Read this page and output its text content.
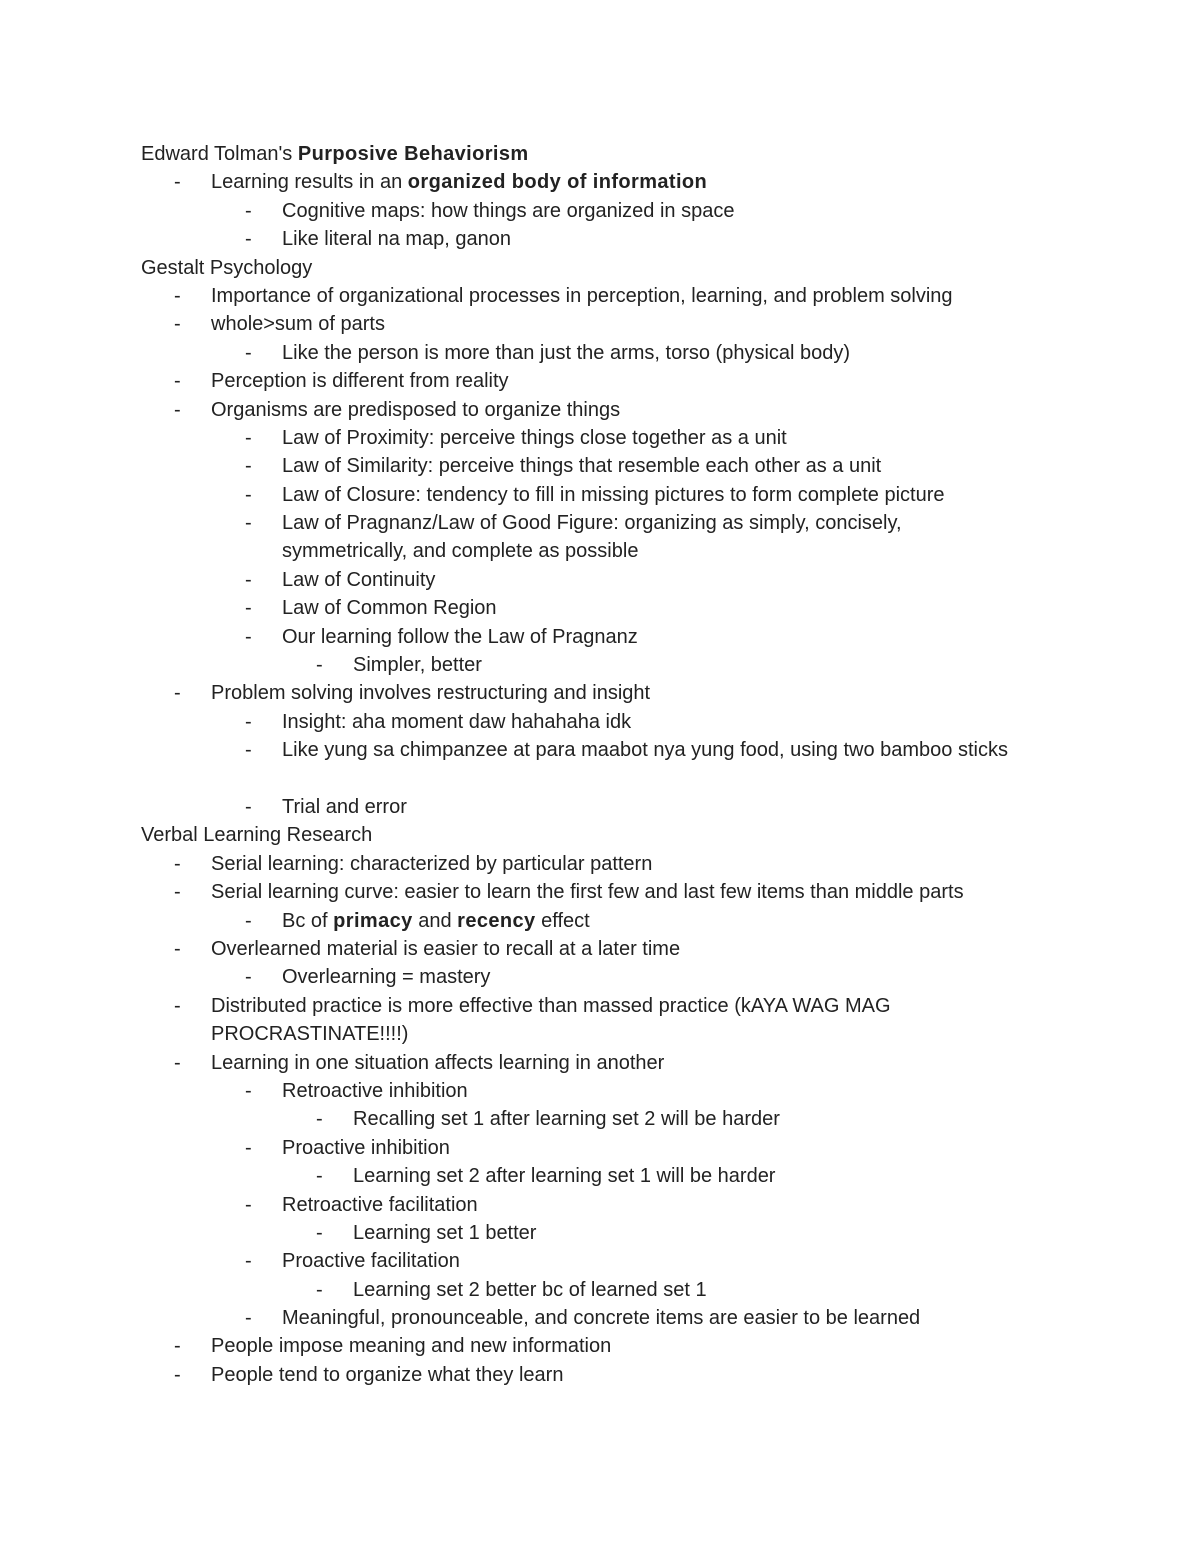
Edward Tolman's Purposive Behaviorism
- Learning results in an organized body of information
- Cognitive maps: how things are organized in space
- Like literal na map, ganon
Gestalt Psychology
- Importance of organizational processes in perception, learning, and problem solving
- whole>sum of parts
- Like the person is more than just the arms, torso (physical body)
- Perception is different from reality
- Organisms are predisposed to organize things
- Law of Proximity: perceive things close together as a unit
- Law of Similarity: perceive things that resemble each other as a unit
- Law of Closure: tendency to fill in missing pictures to form complete picture
- Law of Pragnanz/Law of Good Figure: organizing as simply, concisely, symmetrically, and complete as possible
- Law of Continuity
- Law of Common Region
- Our learning follow the Law of Pragnanz
- Simpler, better
- Problem solving involves restructuring and insight
- Insight: aha moment daw hahahaha idk
- Like yung sa chimpanzee at para maabot nya yung food, using two bamboo sticks
- Trial and error
Verbal Learning Research
- Serial learning: characterized by particular pattern
- Serial learning curve: easier to learn the first few and last few items than middle parts
- Bc of primacy and recency effect
- Overlearned material is easier to recall at a later time
- Overlearning = mastery
- Distributed practice is more effective than massed practice (kAYA WAG MAG PROCRASTINATE!!!!)
- Learning in one situation affects learning in another
- Retroactive inhibition
- Recalling set 1 after learning set 2 will be harder
- Proactive inhibition
- Learning set 2 after learning set 1 will be harder
- Retroactive facilitation
- Learning set 1 better
- Proactive facilitation
- Learning set 2 better bc of learned set 1
- Meaningful, pronounceable, and concrete items are easier to be learned
- People impose meaning and new information
- People tend to organize what they learn
